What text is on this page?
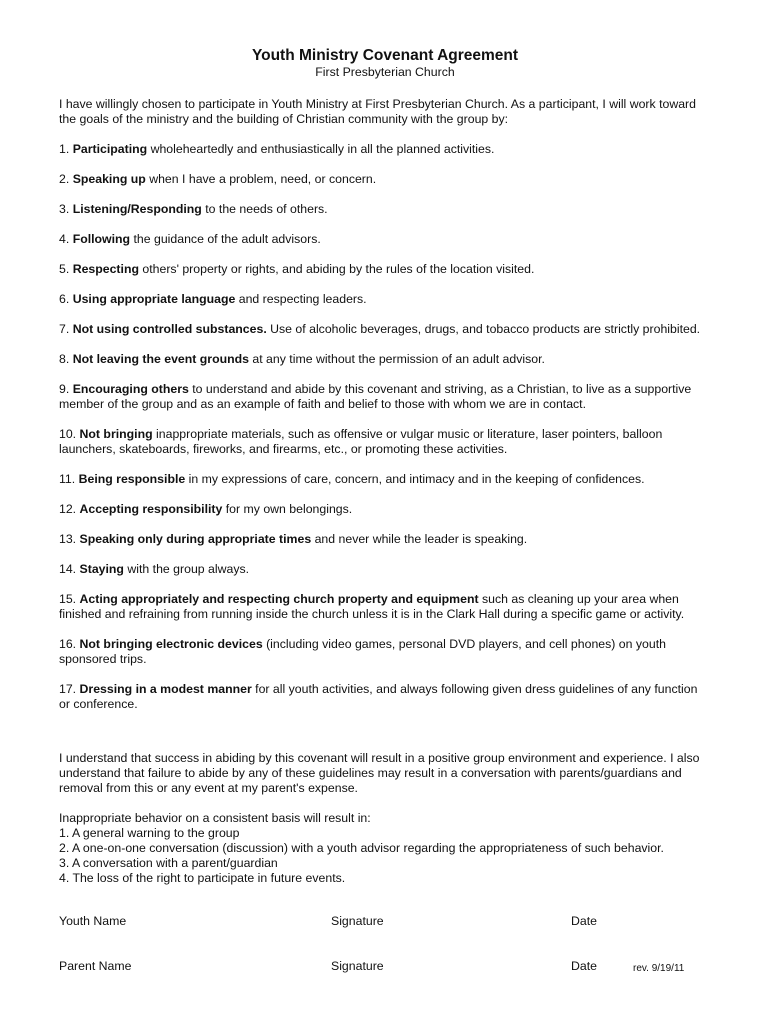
Youth Ministry Covenant Agreement
First Presbyterian Church
I have willingly chosen to participate in Youth Ministry at First Presbyterian Church. As a participant, I will work toward the goals of the ministry and the building of Christian community with the group by:
1. Participating wholeheartedly and enthusiastically in all the planned activities.
2. Speaking up when I have a problem, need, or concern.
3. Listening/Responding to the needs of others.
4. Following the guidance of the adult advisors.
5. Respecting others' property or rights, and abiding by the rules of the location visited.
6. Using appropriate language and respecting leaders.
7. Not using controlled substances. Use of alcoholic beverages, drugs, and tobacco products are strictly prohibited.
8. Not leaving the event grounds at any time without the permission of an adult advisor.
9. Encouraging others to understand and abide by this covenant and striving, as a Christian, to live as a supportive member of the group and as an example of faith and belief to those with whom we are in contact.
10. Not bringing inappropriate materials, such as offensive or vulgar music or literature, laser pointers, balloon launchers, skateboards, fireworks, and firearms, etc., or promoting these activities.
11. Being responsible in my expressions of care, concern, and intimacy and in the keeping of confidences.
12. Accepting responsibility for my own belongings.
13. Speaking only during appropriate times and never while the leader is speaking.
14. Staying with the group always.
15. Acting appropriately and respecting church property and equipment such as cleaning up your area when finished and refraining from running inside the church unless it is in the Clark Hall during a specific game or activity.
16. Not bringing electronic devices (including video games, personal DVD players, and cell phones) on youth sponsored trips.
17. Dressing in a modest manner for all youth activities, and always following given dress guidelines of any function or conference.
I understand that success in abiding by this covenant will result in a positive group environment and experience. I also understand that failure to abide by any of these guidelines may result in a conversation with parents/guardians and removal from this or any event at my parent's expense.
Inappropriate behavior on a consistent basis will result in:
1. A general warning to the group
2. A one-on-one conversation (discussion) with a youth advisor regarding the appropriateness of such behavior.
3. A conversation with a parent/guardian
4. The loss of the right to participate in future events.
Youth Name	Signature	Date
Parent Name	Signature	Date	rev. 9/19/11
